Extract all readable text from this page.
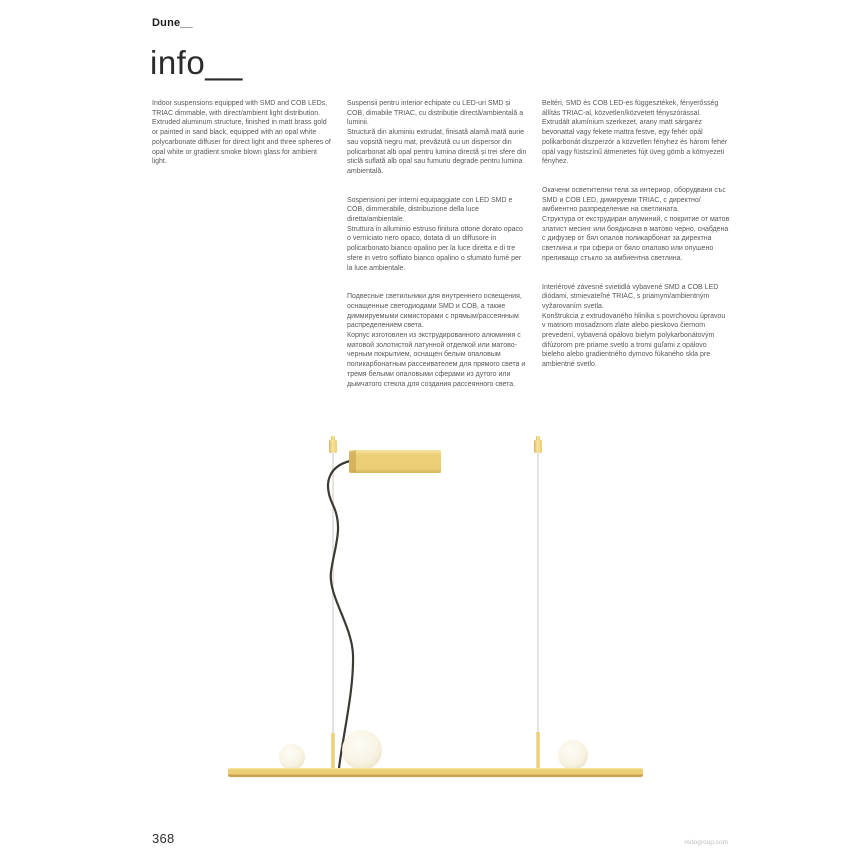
Dune__
info__

Indoor suspensions equipped with SMD and COB LEDs, TRIAC dimmable, with direct/ambient light distribution.

Extruded aluminum structure, finished in matt brass gold or painted in sand black, equipped with an opal white polycarbonate diffuser for direct light and three spheres of opal white or gradient smoke blown glass for ambient light.

Suspensii pentru interior echipate cu LED-uri SMD și COB, dimabile TRIAC, cu distribuție directă/ambientală a luminii.

Structură din aluminiu extrudat, finisată alamă mată aurie sau vopsită negru mat, prevăzută cu un dispersor din policarbonat alb opal pentru lumina directă și trei sfere din sticlă suflată alb opal sau fumuriu degrade pentru lumina ambientală.

Sospensioni per interni equipaggiate con LED SMD e COB, dimmerabile, distribuzione della luce diretta/ambientale.

Struttura in alluminio estruso finitura ottone dorato opaco o verniciato nero opaco, dotata di un diffusore in policarbonato bianco opalino per la luce diretta e di tre sfere in vetro soffiato bianco opalino o sfumato fumé per la luce ambientale.

Подвесные светильники для внутреннего освещения, оснащенные светодиодами SMD и COB, а также диммируемыми симисторами с прямым/рассеянным распределением света.

Корпус изготовлен из экструдированного алюминия с матовой золотистой латунной отделкой или матово-черным покрытием, оснащен белым опаловым поликарбонатным рассеивателем для прямого света и тремя белыми опаловыми сферами из дутого или дымчатого стекла для создания рассеянного света.

Beltéri, SMD és COB LED-es függesztékek, fényerősség állítás TRIAC-al, közvetlen/közvetett fényszórással.

Extrudált alumínium szerkezet, arany matt sárgaréz bevonattal vagy fekete mattra festve, egy fehér opál polikarbonát diszperzór a közvetlen fényhez és három fehér opál vagy füstszínű átmenetes fújt üveg gömb a környezeti fényhez.

Окачени осветителни тела за интериор, оборудвани със SMD и COB LED, димируеми TRIAC, с директно/амбиентно разпределение на светлината.

Структура от екструдиран алуминий, с покритие от матов златист месинг или боядисана в матово черно, снабдена с дифузер от бял опалов поликарбонат за директна светлина и три сфери от бяло опалово или опушено преливащо стъкло за амбиентна светлина.

Interiérové závesné svietidlá vybavené SMD a COB LED diódami, stmievateľné TRIAC, s priamym/ambientným vyžarovaním svetla.

Konštrukcia z extrudovaného hliníka s povrchovou úpravou v matnom mosadznom zlate alebo pieskovo čiernom prevedení, vybavená opálovo bielym polykarbonátovým difúzorom pre priame svetlo a tromi guľami z opálovo bieleho alebo gradientného dymovo fúkaného skla pre ambientné svetlo.

368	redogroup.com
